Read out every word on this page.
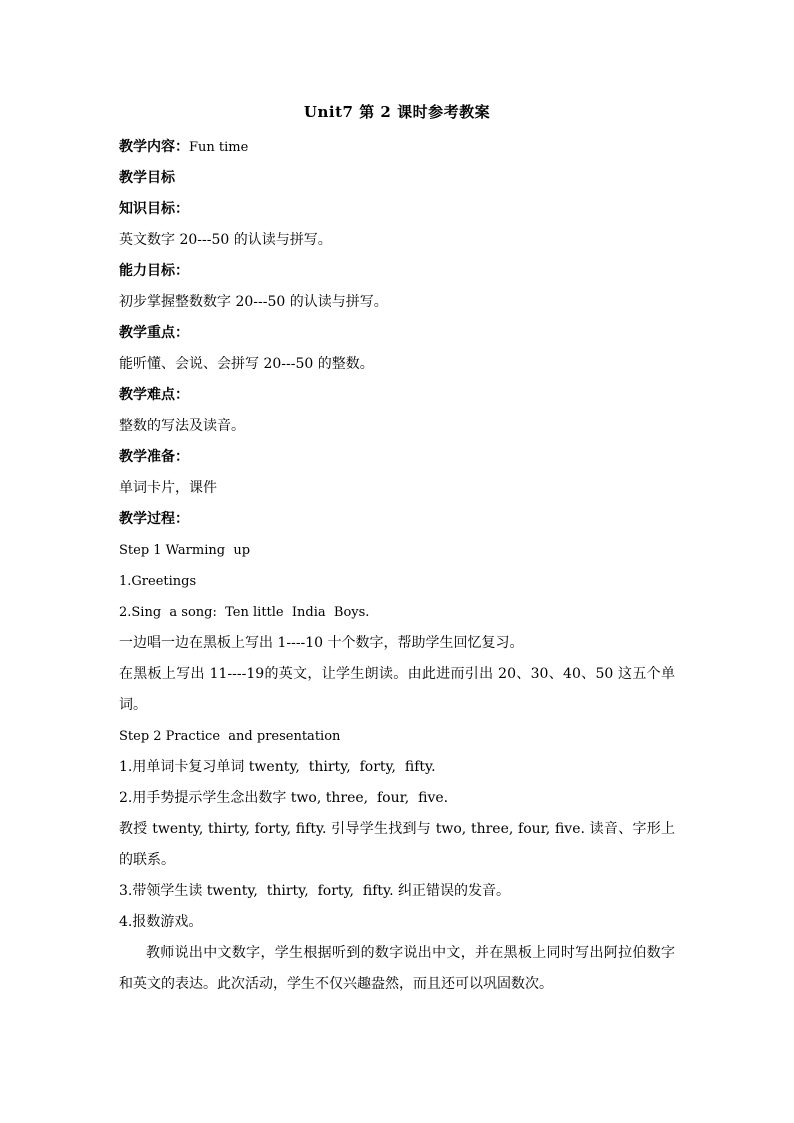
Unit7 第 2 课时参考教案
教学内容：Fun time
教学目标
知识目标：
英文数字 20---50 的认读与拼写。
能力目标：
初步掌握整数数字 20---50 的认读与拼写。
教学重点：
能听懂、会说、会拼写 20---50 的整数。
教学难点：
整数的写法及读音。
教学准备：
单词卡片，课件
教学过程：
Step 1 Warming  up
1.Greetings
2.Sing  a song:  Ten little  India  Boys.
一边唱一边在黑板上写出 1----10 十个数字，帮助学生回忆复习。
在黑板上写出 11----19的英文，让学生朗读。由此进而引出 20、30、40、50 这五个单词。
Step 2 Practice  and presentation
1.用单词卡复习单词 twenty,  thirty,  forty,  fifty.
2.用手势提示学生念出数字 two, three,  four,  five.
教授 twenty, thirty, forty, fifty. 引导学生找到与 two, three, four, five. 读音、字形上的联系。
3.带领学生读 twenty,  thirty,  forty,  fifty. 纠正错误的发音。
4.报数游戏。
教师说出中文数字，学生根据听到的数字说出中文，并在黑板上同时写出阿拉伯数字和英文的表达。此次活动，学生不仅兴趣盎然，而且还可以巩固数次。
